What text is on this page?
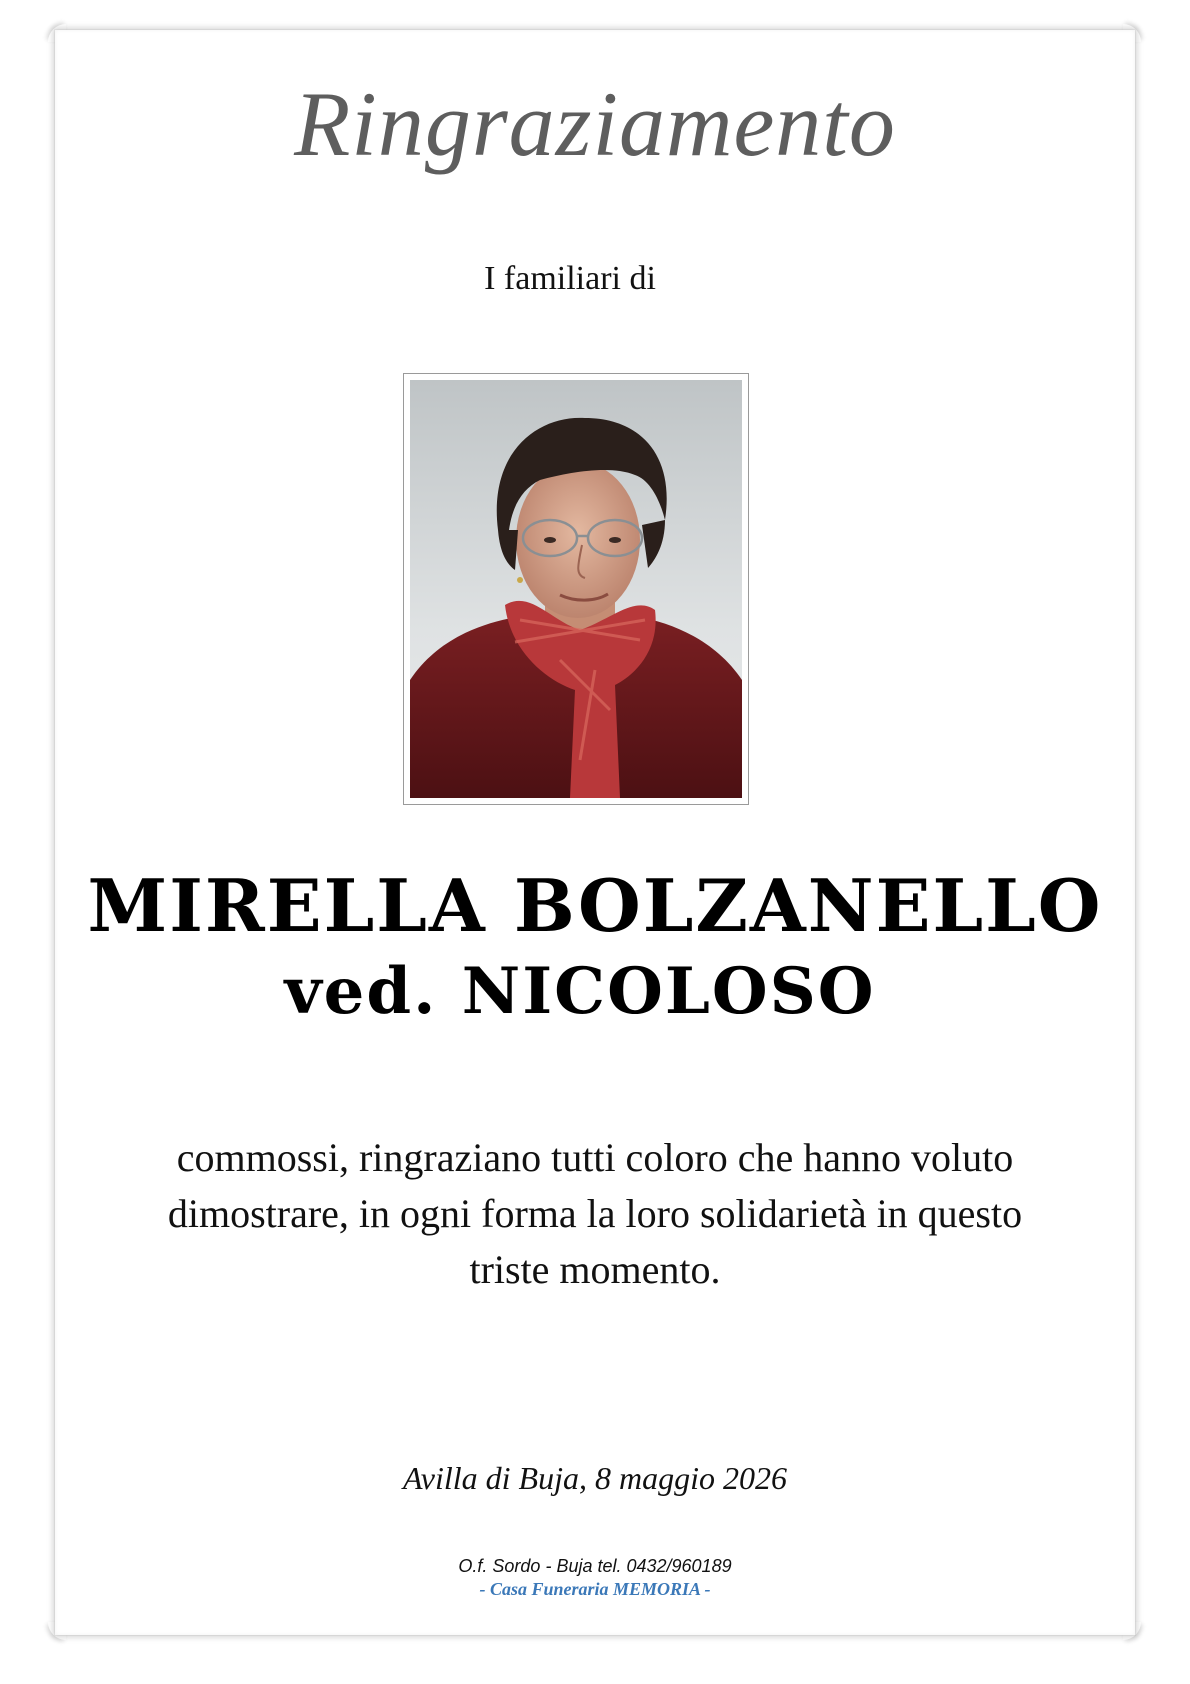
Ringraziamento
I familiari di
MIRELLA BOLZANELLO
ved. NICOLOSO
commossi, ringraziano tutti coloro che hanno voluto dimostrare, in ogni forma la loro solidarietà in questo triste momento.
Avilla di Buja, 8 maggio 2026
O.f. Sordo - Buja tel. 0432/960189
- Casa Funeraria MEMORIA -
